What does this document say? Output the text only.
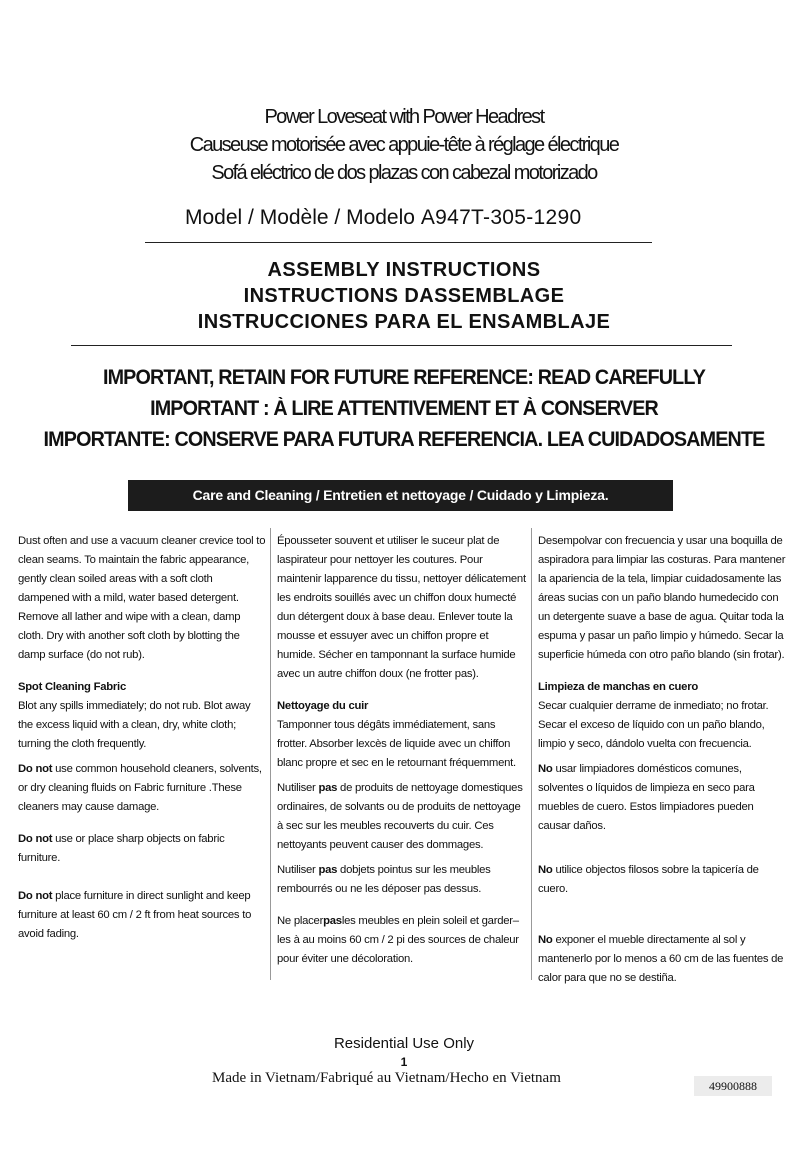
Power Loveseat with Power Headrest
Causeuse motorisée avec appuie-tête à réglage électrique
Sofá eléctrico de dos plazas con cabezal motorizado
Model / Modèle / Modelo A947T-305-1290
ASSEMBLY INSTRUCTIONS
INSTRUCTIONS DASSEMBLAGE
INSTRUCCIONES PARA EL ENSAMBLAJE
IMPORTANT, RETAIN FOR FUTURE REFERENCE: READ CAREFULLY
IMPORTANT : À LIRE ATTENTIVEMENT ET À CONSERVER
IMPORTANTE: CONSERVE PARA FUTURA REFERENCIA. LEA CUIDADOSAMENTE
Care and Cleaning / Entretien et nettoyage / Cuidado y Limpieza.

Dust often and use a vacuum cleaner crevice tool to clean seams. To maintain the fabric appearance, gently clean soiled areas with a soft cloth dampened with a mild, water based detergent. Remove all lather and wipe with a clean, damp cloth. Dry with another soft cloth by blotting the damp surface (do not rub).

Spot Cleaning Fabric

Blot any spills immediately; do not rub. Blot away the excess liquid with a clean, dry, white cloth; turning the cloth frequently.

Do not use common household cleaners, solvents, or dry cleaning fluids on Fabric furniture .These cleaners may cause damage.

Do not use or place sharp objects on fabric furniture.

Do not place furniture in direct sunlight and keep furniture at least 60 cm / 2 ft from heat sources to avoid fading.

Épousseter souvent et utiliser le suceur plat de laspirateur pour nettoyer les coutures. Pour maintenir lapparence du tissu, nettoyer délicatement les endroits souillés avec un chiffon doux humecté dun détergent doux à base deau. Enlever toute la mousse et essuyer avec un chiffon propre et humide. Sécher en tamponnant la surface humide avec un autre chiffon doux (ne frotter pas).

Nettoyage du cuir

Tamponner tous dégâts immédiatement, sans frotter. Absorber lexcès de liquide avec un chiffon blanc propre et sec en le retournant fréquemment.

Nutiliser pas de produits de nettoyage domestiques ordinaires, de solvants ou de produits de nettoyage à sec sur les meubles recouverts du cuir. Ces nettoyants peuvent causer des dommages.

Nutiliser pas dobjets pointus sur les meubles rembourrés ou ne les déposer pas dessus.

Ne placerpasles meubles en plein soleil et garder–les à au moins 60 cm / 2 pi des sources de chaleur pour éviter une décoloration.

Desempolvar con frecuencia y usar una boquilla de aspiradora para limpiar las costuras. Para mantener la apariencia de la tela, limpiar cuidadosamente las áreas sucias con un paño blando humedecido con un detergente suave a base de agua. Quitar toda la espuma y pasar un paño limpio y húmedo. Secar la superficie húmeda con otro paño blando (sin frotar).

Limpieza de manchas en cuero

Secar cualquier derrame de inmediato; no frotar. Secar el exceso de líquido con un paño blando, limpio y seco, dándolo vuelta con frecuencia.

No usar limpiadores domésticos comunes, solventes o líquidos de limpieza en seco para muebles de cuero. Estos limpiadores pueden causar daños.

No utilice objectos filosos sobre la tapicería de cuero.

No exponer el mueble directamente al sol y mantenerlo por lo menos a 60 cm de las fuentes de calor para que no se destiña.

Residential Use Only
1
Made in Vietnam/Fabriqué au Vietnam/Hecho en Vietnam	49900888
